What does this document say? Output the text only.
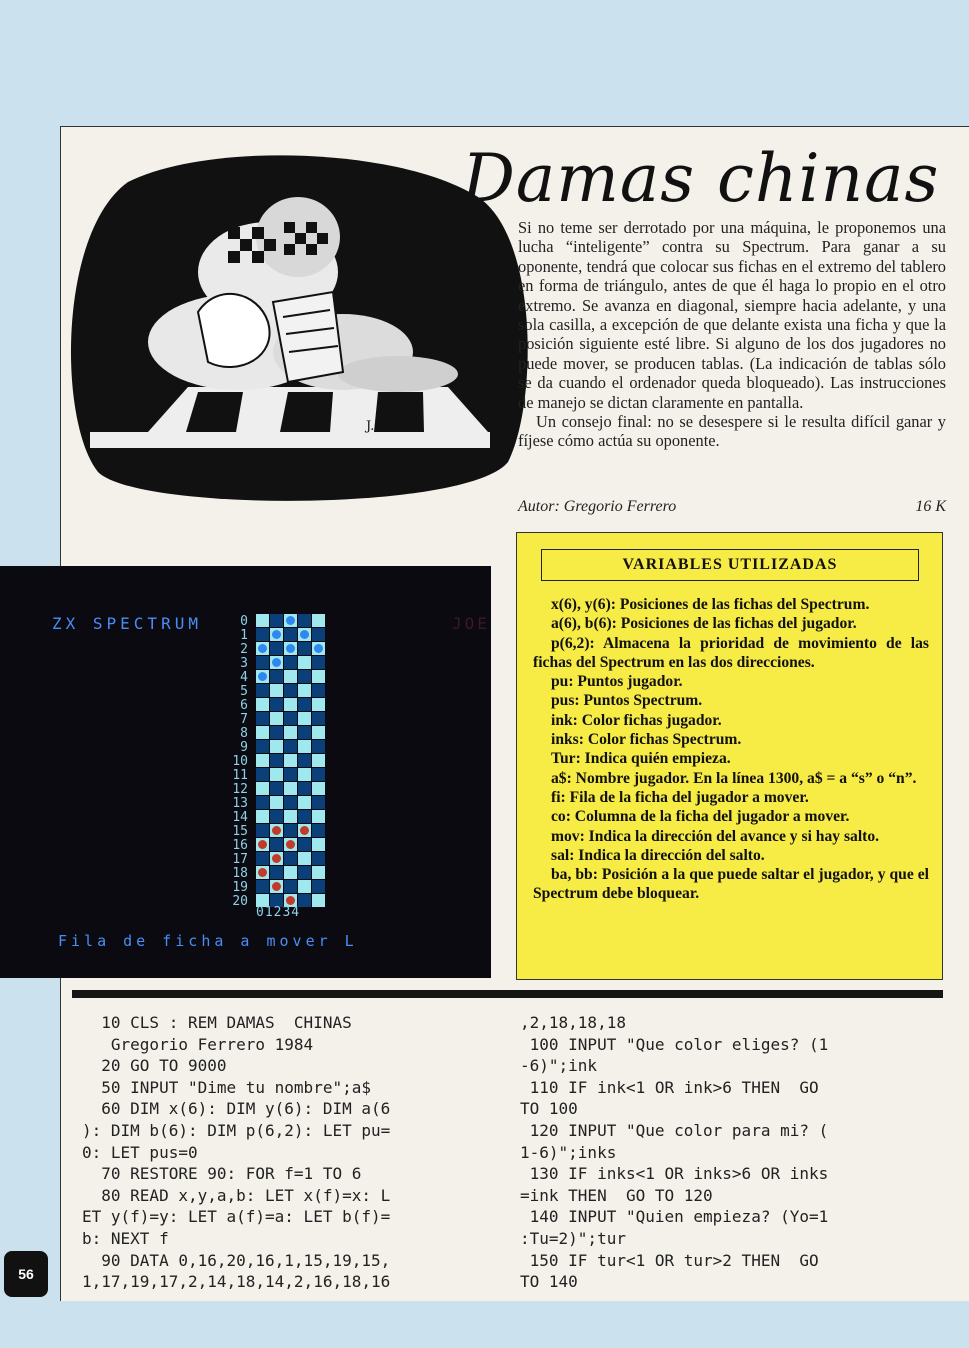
J.C.T.
Damas chinas

Si no teme ser derrotado por una máquina, le proponemos una lucha “inteligente” contra su Spectrum. Para ganar a su oponente, tendrá que colocar sus fichas en el extremo del tablero en forma de triángulo, antes de que él haga lo propio en el otro extremo. Se avanza en diagonal, siempre hacia adelante, y una sola casilla, a excepción de que delante exista una ficha y que la posición siguiente esté libre. Si alguno de los dos jugadores no puede mover, se producen tablas. (La indicación de tablas sólo se da cuando el ordenador queda bloqueado). Las instrucciones de manejo se dictan claramente en pantalla.

Un consejo final: no se desespere si le resulta difícil ganar y fíjese cómo actúa su oponente.

Autor: Gregorio Ferrero	16 K
ZX SPECTRUM	JOE
0
1
2
3
4
5
6
7
8
9
10
11
12
13
14
15
16
17
18
19
20
01234
Fila de ficha a mover L
VARIABLES UTILIZADAS

x(6), y(6): Posiciones de las fichas del Spectrum.

a(6), b(6): Posiciones de las fichas del jugador.

p(6,2): Almacena la prioridad de movimiento de las fichas del Spectrum en las dos direcciones.

pu: Puntos jugador.

pus: Puntos Spectrum.

ink: Color fichas jugador.

inks: Color fichas Spectrum.

Tur: Indica quién empieza.

a$: Nombre jugador. En la línea 1300, a$ = a “s” o “n”.

fi: Fila de la ficha del jugador a mover.

co: Columna de la ficha del jugador a mover.

mov: Indica la dirección del avance y si hay salto.

sal: Indica la dirección del salto.

ba, bb: Posición a la que puede saltar el jugador, y que el Spectrum debe bloquear.

10 CLS : REM DAMAS  CHINAS
Gregorio Ferrero 1984
20 GO TO 9000
50 INPUT "Dime tu nombre";a$
60 DIM x(6): DIM y(6): DIM a(6
): DIM b(6): DIM p(6,2): LET pu=
0: LET pus=0
70 RESTORE 90: FOR f=1 TO 6
80 READ x,y,a,b: LET x(f)=x: L
ET y(f)=y: LET a(f)=a: LET b(f)=
b: NEXT f
90 DATA 0,16,20,16,1,15,19,15,
1,17,19,17,2,14,18,14,2,16,18,16
,2,18,18,18
100 INPUT "Que color eliges? (1
-6)";ink
110 IF ink<1 OR ink>6 THEN  GO
TO 100
120 INPUT "Que color para mi? (
1-6)";inks
130 IF inks<1 OR inks>6 OR inks
=ink THEN  GO TO 120
140 INPUT "Quien empieza? (Yo=1
:Tu=2)";tur
150 IF tur<1 OR tur>2 THEN  GO
TO 140
56
